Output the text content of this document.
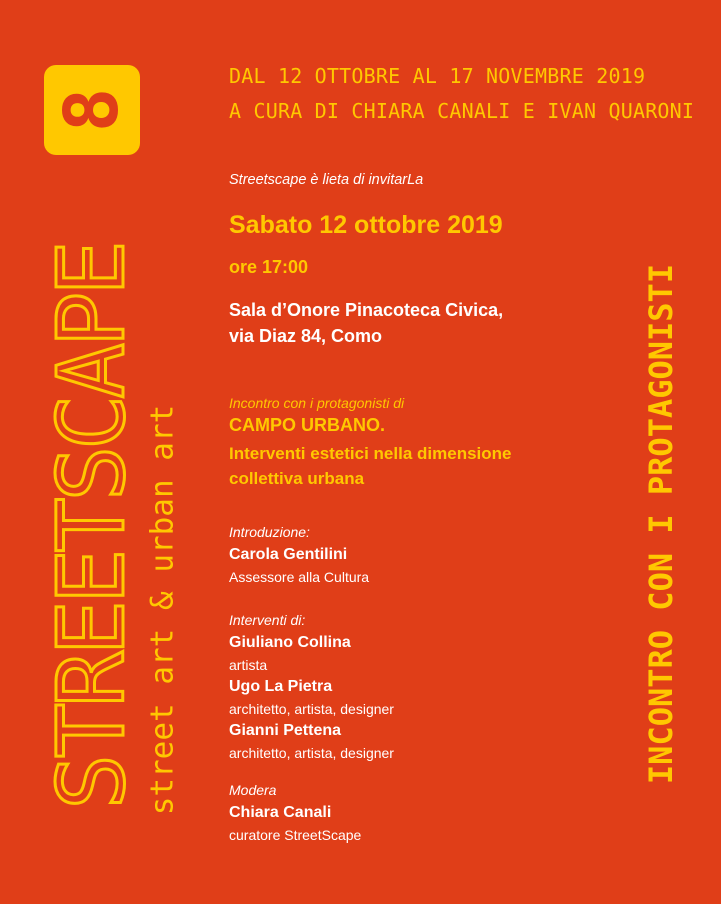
8
STREETSCAPE street art & urban art	INCONTRO CON I PROTAGONISTI
DAL 12 OTTOBRE AL 17 NOVEMBRE 2019
A CURA DI CHIARA CANALI E IVAN QUARONI
Streetscape è lieta di invitarLa
Sabato 12 ottobre 2019
ore 17:00
Sala d’Onore Pinacoteca Civica,
via Diaz 84, Como
Incontro con i protagonisti di
CAMPO URBANO.
Interventi estetici nella dimensione
collettiva urbana
Introduzione:
Carola Gentilini
Assessore alla Cultura
Interventi di:
Giuliano Collina
artista
Ugo La Pietra
architetto, artista, designer
Gianni Pettena
architetto, artista, designer
Modera
Chiara Canali
curatore StreetScape
